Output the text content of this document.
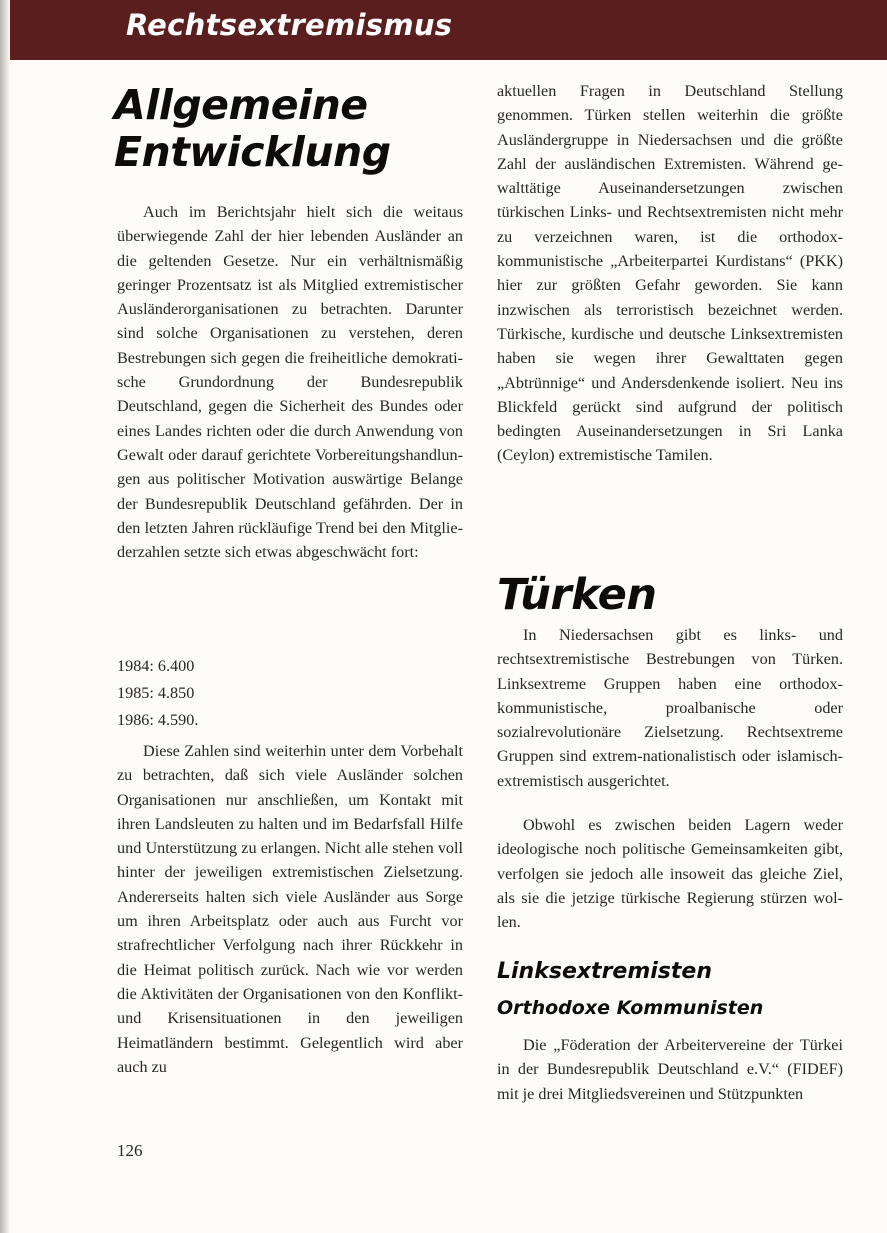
Rechtsextremismus
Allgemeine Entwicklung

Auch im Berichtsjahr hielt sich die weitaus überwiegende Zahl der hier lebenden Ausländer an die geltenden Gesetze. Nur ein verhältnismäßig geringer Prozentsatz ist als Mitglied extremistischer Ausländerorganisationen zu betrachten. Darunter sind solche Organisationen zu verstehen, deren Bestrebungen sich gegen die freiheitliche demokratische Grundordnung der Bundesrepublik Deutschland, gegen die Sicherheit des Bundes oder eines Landes richten oder die durch Anwendung von Gewalt oder darauf gerichtete Vorbereitungshandlungen aus politischer Motivation auswärtige Belange der Bundesrepublik Deutschland gefährden. Der in den letzten Jahren rückläufige Trend bei den Mitgliederzahlen setzte sich etwas abgeschwächt fort:

1984: 6.400
1985: 4.850
1986: 4.590.

Diese Zahlen sind weiterhin unter dem Vorbehalt zu betrachten, daß sich viele Ausländer solchen Organisationen nur anschließen, um Kontakt mit ihren Landsleuten zu halten und im Bedarfsfall Hilfe und Unterstützung zu erlangen. Nicht alle stehen voll hinter der jeweiligen extremistischen Zielsetzung. Andererseits halten sich viele Ausländer aus Sorge um ihren Arbeitsplatz oder auch aus Furcht vor strafrechtlicher Verfolgung nach ihrer Rückkehr in die Heimat politisch zurück. Nach wie vor werden die Aktivitäten der Organisationen von den Konflikt- und Krisensituationen in den jeweiligen Heimatländern bestimmt. Gelegentlich wird aber auch zu

aktuellen Fragen in Deutschland Stellung genommen. Türken stellen weiterhin die größte Ausländergruppe in Niedersachsen und die größte Zahl der ausländischen Extremisten. Während gewalttätige Auseinandersetzungen zwischen türkischen Links- und Rechtsextremisten nicht mehr zu verzeichnen waren, ist die orthodox-kommunistische „Arbeiterpartei Kurdistans“ (PKK) hier zur größten Gefahr geworden. Sie kann inzwischen als terroristisch bezeichnet werden. Türkische, kurdische und deutsche Linksextremisten haben sie wegen ihrer Gewalttaten gegen „Abtrünnige“ und Andersdenkende isoliert. Neu ins Blickfeld gerückt sind aufgrund der politisch bedingten Auseinandersetzungen in Sri Lanka (Ceylon) extremistische Tamilen.

Türken

In Niedersachsen gibt es links- und rechtsextremistische Bestrebungen von Türken. Linksextreme Gruppen haben eine orthodox-kommunistische, proalbanische oder sozialrevolutionäre Zielsetzung. Rechtsextreme Gruppen sind extrem-nationalistisch oder islamisch-extremistisch ausgerichtet.

Obwohl es zwischen beiden Lagern weder ideologische noch politische Gemeinsamkeiten gibt, verfolgen sie jedoch alle insoweit das gleiche Ziel, als sie die jetzige türkische Regierung stürzen wollen.

Linksextremisten
Orthodoxe Kommunisten

Die „Föderation der Arbeitervereine der Türkei in der Bundesrepublik Deutschland e.V.“ (FIDEF) mit je drei Mitgliedsvereinen und Stützpunkten

126
